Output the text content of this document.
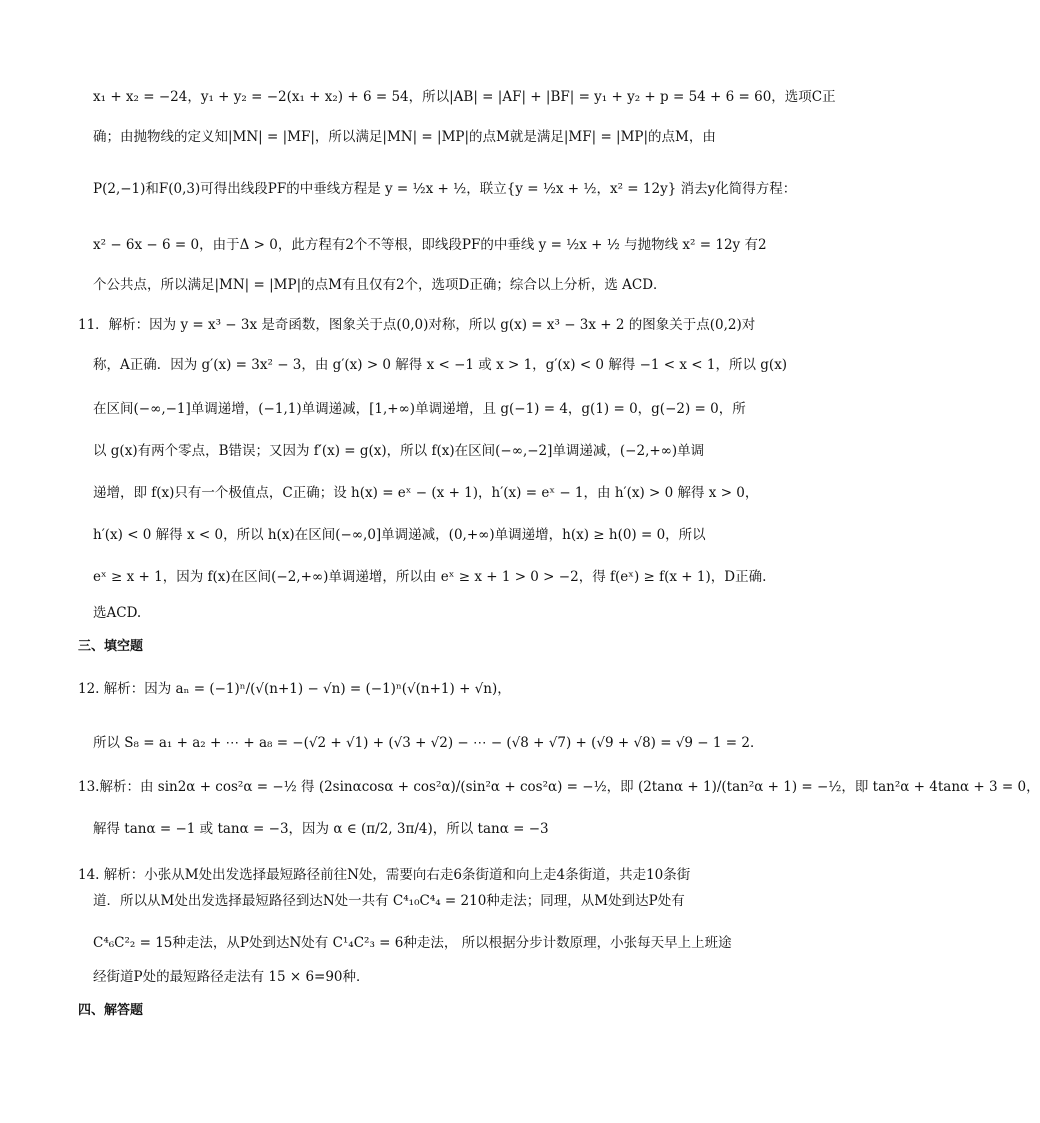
x₁ + x₂ = −24，y₁ + y₂ = −2(x₁ + x₂) + 6 = 54，所以|AB| = |AF| + |BF| = y₁ + y₂ + p = 54 + 6 = 60，选项C正
确；由抛物线的定义知|MN| = |MF|，所以满足|MN| = |MP|的点M就是满足|MF| = |MP|的点M，由
P(2,−1)和F(0,3)可得出线段PF的中垂线方程是 y = ½x + ½，联立{y = ½x + ½，x² = 12y} 消去y化简得方程：
x² − 6x − 6 = 0，由于Δ > 0，此方程有2个不等根，即线段PF的中垂线 y = ½x + ½ 与抛物线 x² = 12y 有2
个公共点，所以满足|MN| = |MP|的点M有且仅有2个，选项D正确；综合以上分析，选 ACD．
11．解析：因为 y = x³ − 3x 是奇函数，图象关于点(0,0)对称，所以 g(x) = x³ − 3x + 2 的图象关于点(0,2)对
称，A正确．因为 g′(x) = 3x² − 3，由 g′(x) > 0 解得 x < −1 或 x > 1，g′(x) < 0 解得 −1 < x < 1，所以 g(x)
在区间(−∞,−1]单调递增，(−1,1)单调递减，[1,+∞)单调递增，且 g(−1) = 4，g(1) = 0，g(−2) = 0，所
以 g(x)有两个零点，B错误；又因为 f′(x) = g(x)，所以 f(x)在区间(−∞,−2]单调递减，(−2,+∞)单调
递增，即 f(x)只有一个极值点，C正确；设 h(x) = eˣ − (x + 1)，h′(x) = eˣ − 1，由 h′(x) > 0 解得 x > 0，
h′(x) < 0 解得 x < 0，所以 h(x)在区间(−∞,0]单调递减，(0,+∞)单调递增，h(x) ≥ h(0) = 0，所以
eˣ ≥ x + 1，因为 f(x)在区间(−2,+∞)单调递增，所以由 eˣ ≥ x + 1 > 0 > −2，得 f(eˣ) ≥ f(x + 1)，D正确.
选ACD.
三、填空题
12. 解析：因为 aₙ = (−1)ⁿ/(√(n+1) − √n) = (−1)ⁿ(√(n+1) + √n)，
所以 S₈ = a₁ + a₂ + ⋯ + a₈ = −(√2 + √1) + (√3 + √2) − ⋯ − (√8 + √7) + (√9 + √8) = √9 − 1 = 2．
13.解析：由 sin2α + cos²α = −½ 得 (2sinαcosα + cos²α)/(sin²α + cos²α) = −½，即 (2tanα + 1)/(tan²α + 1) = −½，即 tan²α + 4tanα + 3 = 0，
解得 tanα = −1 或 tanα = −3，因为 α ∈ (π/2, 3π/4)，所以 tanα = −3
14. 解析：小张从M处出发选择最短路径前往N处，需要向右走6条街道和向上走4条街道，共走10条街
道．所以从M处出发选择最短路径到达N处一共有 C⁴₁₀C⁴₄ = 210种走法；同理，从M处到达P处有
C⁴₆C²₂ = 15种走法，从P处到达N处有 C¹₄C²₃ = 6种走法， 所以根据分步计数原理，小张每天早上上班途
经街道P处的最短路径走法有 15 × 6=90种．
四、解答题
